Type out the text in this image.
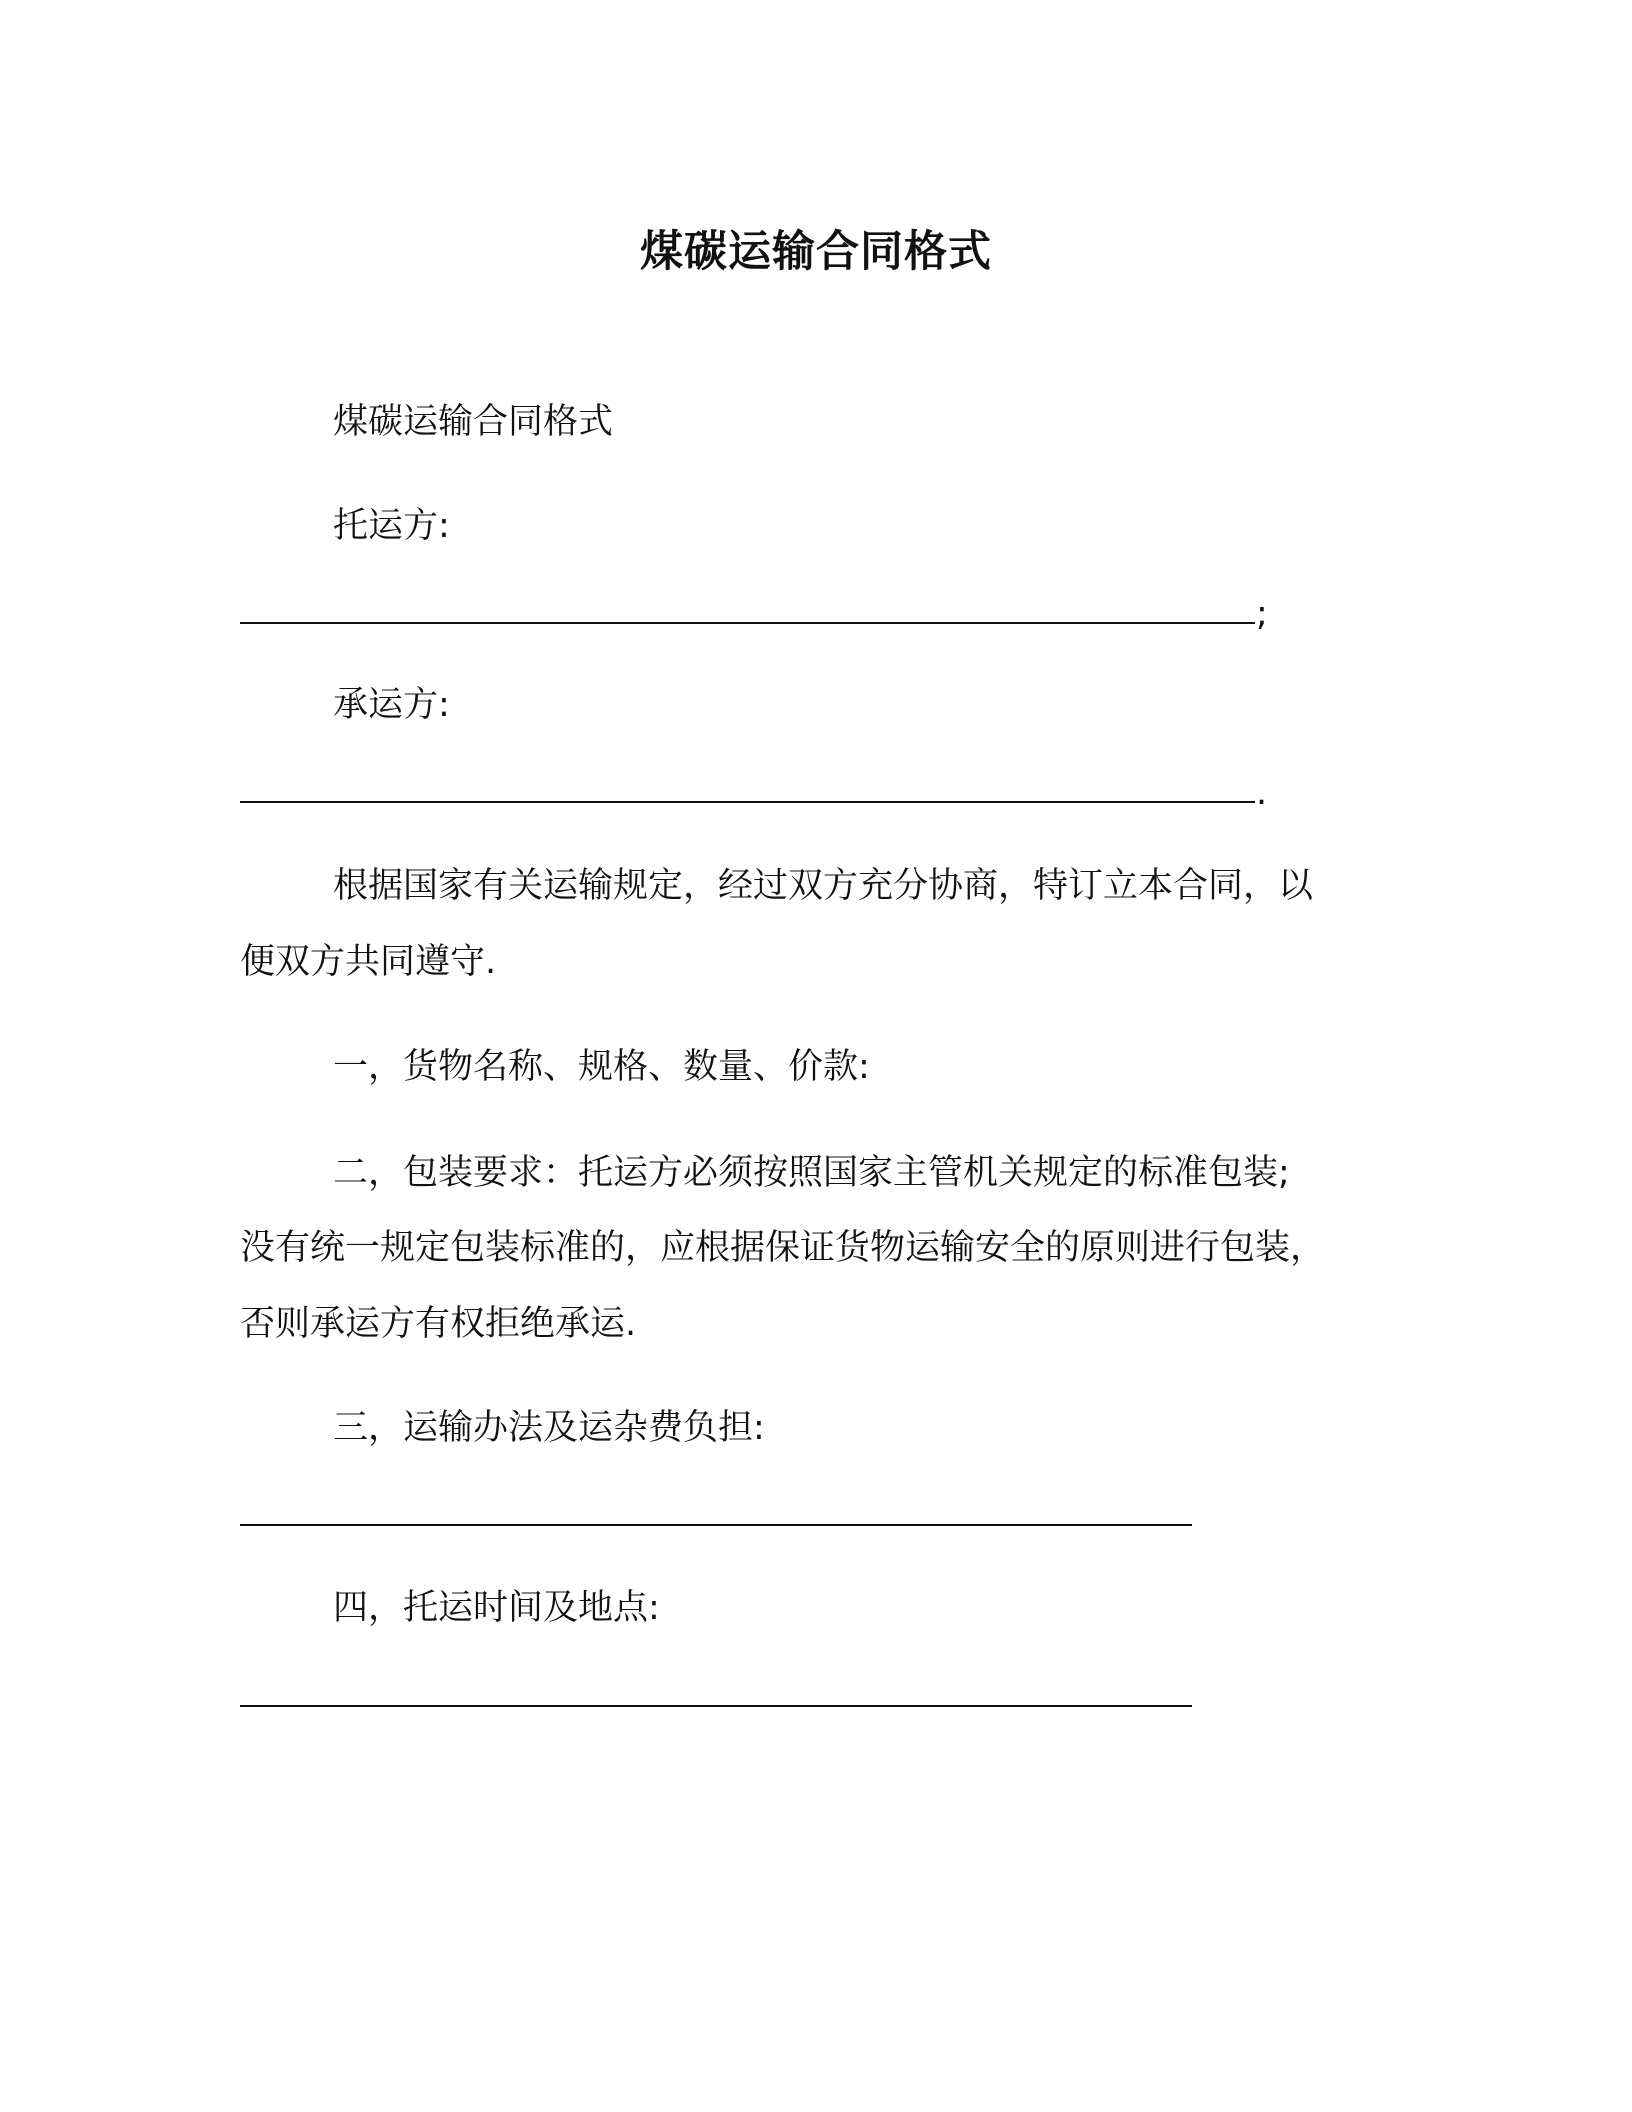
煤碳运输合同格式
煤碳运输合同格式
托运方:
;
承运方:
.
根据国家有关运输规定，经过双方充分协商，特订立本合同，以
便双方共同遵守.
一，货物名称、规格、数量、价款:
二，包装要求：托运方必须按照国家主管机关规定的标准包装;
没有统一规定包装标准的，应根据保证货物运输安全的原则进行包装，
否则承运方有权拒绝承运.
三，运输办法及运杂费负担:
四，托运时间及地点:
